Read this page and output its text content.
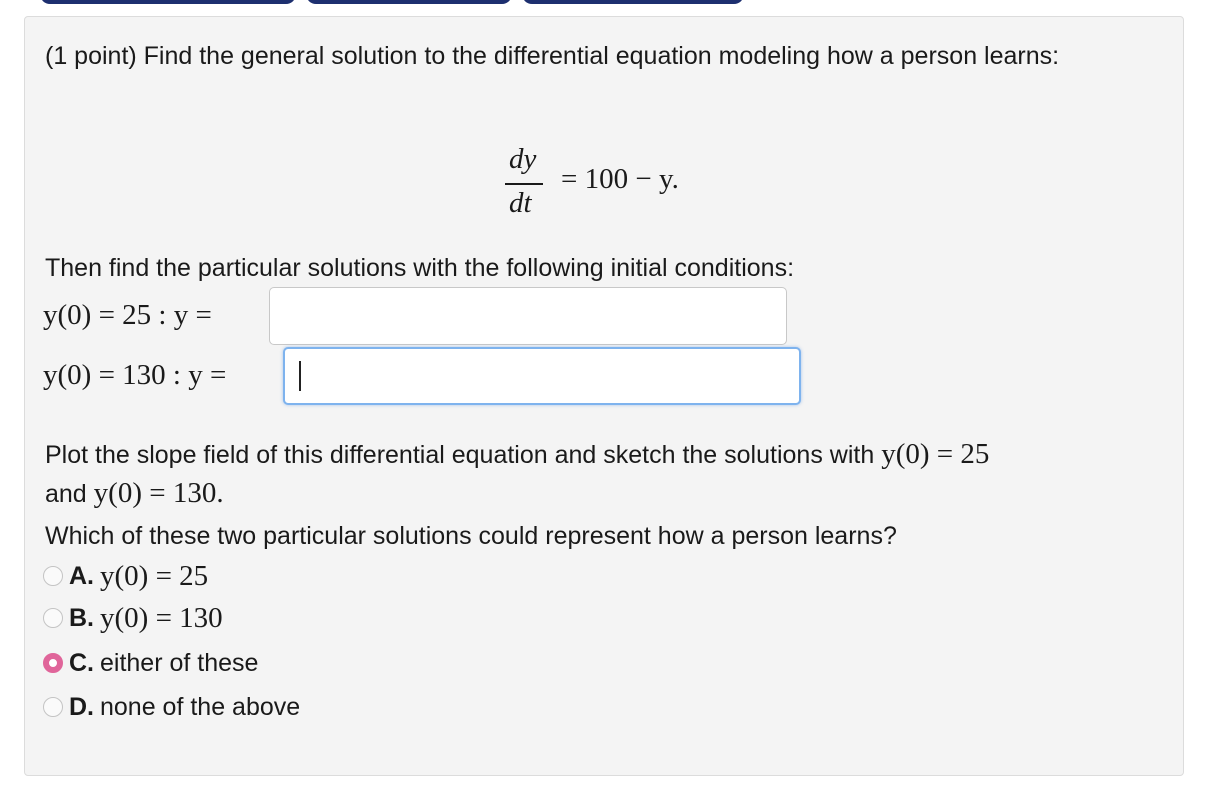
(1 point) Find the general solution to the differential equation modeling how a person learns:
dy
dt
= 100 − y.
Then find the particular solutions with the following initial conditions:
y(0) = 25 : y =
y(0) = 130 : y =
Plot the slope field of this differential equation and sketch the solutions with y(0) = 25
and y(0) = 130.
Which of these two particular solutions could represent how a person learns?
A. y(0) = 25
B. y(0) = 130
C. either of these
D. none of the above
